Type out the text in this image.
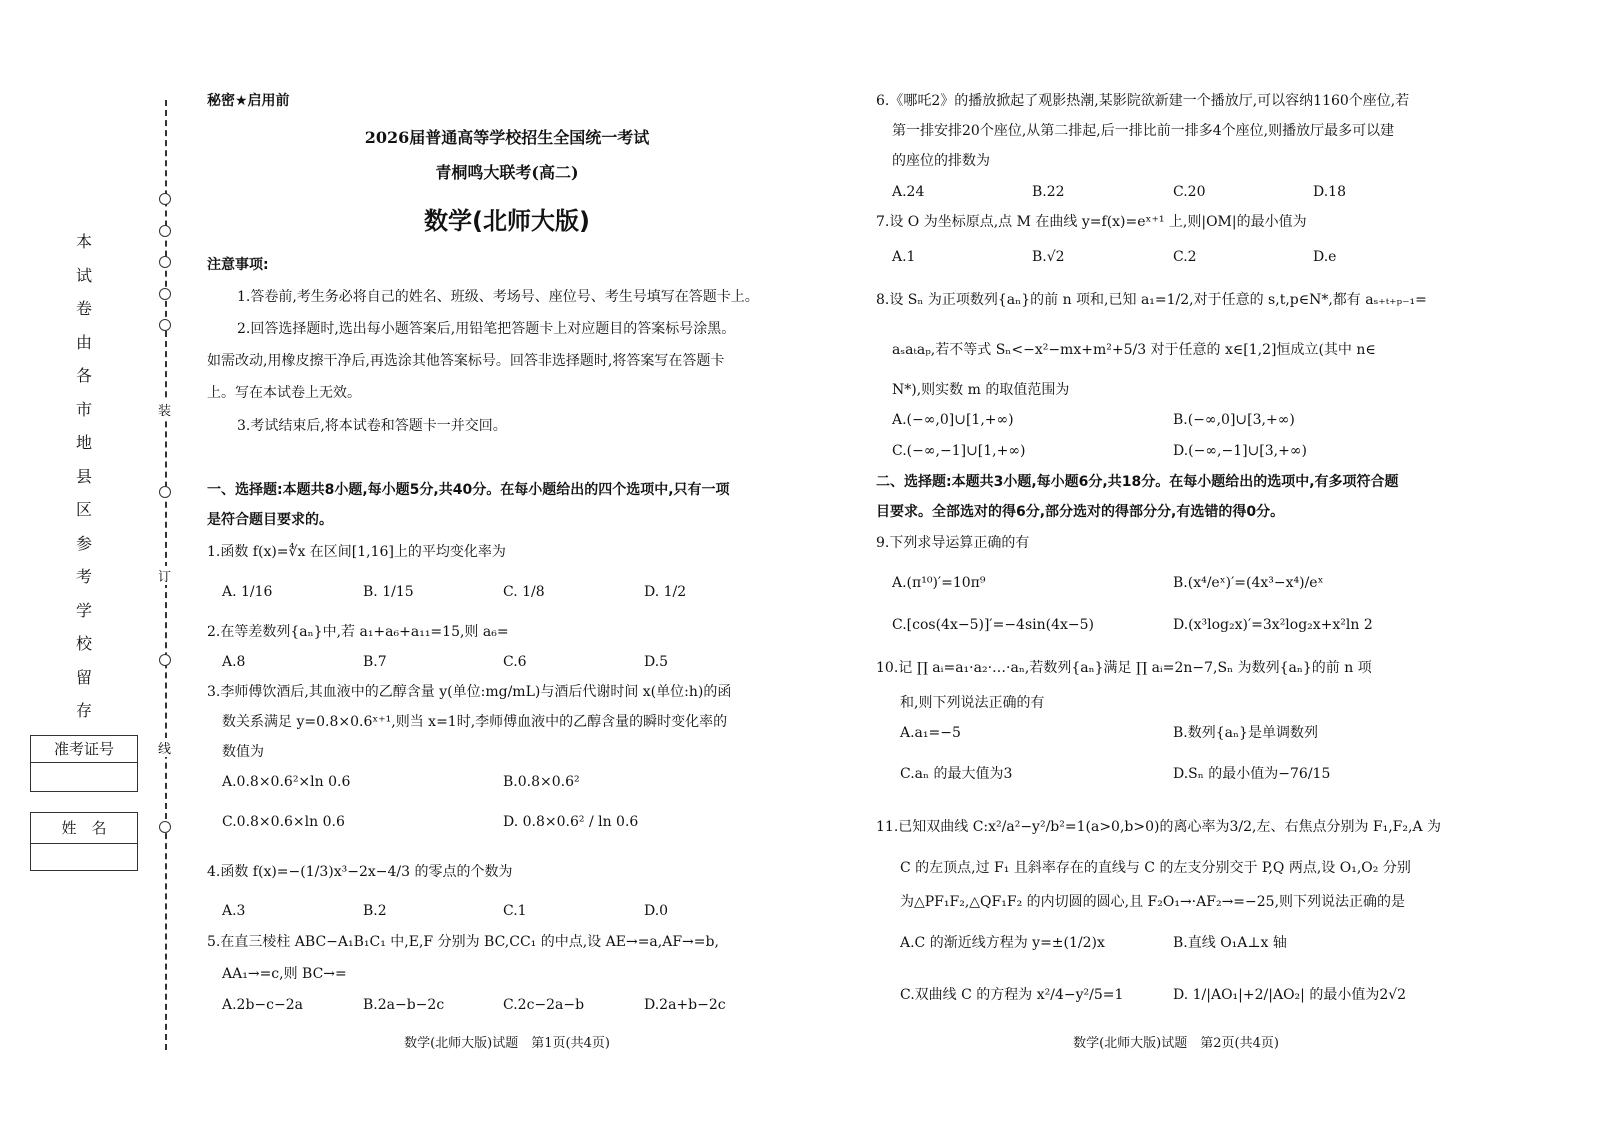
本
试
卷
由
各
市
地
县
区
参
考
学
校
留
存
准考证号
姓　名
装
订
线
秘密★启用前
2026届普通高等学校招生全国统一考试
青桐鸣大联考(高二)
数学(北师大版)
注意事项:
1.答卷前,考生务必将自己的姓名、班级、考场号、座位号、考生号填写在答题卡上。
2.回答选择题时,选出每小题答案后,用铅笔把答题卡上对应题目的答案标号涂黑。
如需改动,用橡皮擦干净后,再选涂其他答案标号。回答非选择题时,将答案写在答题卡
上。写在本试卷上无效。
3.考试结束后,将本试卷和答题卡一并交回。
一、选择题:本题共8小题,每小题5分,共40分。在每小题给出的四个选项中,只有一项
是符合题目要求的。
1.函数 f(x)=∜x 在区间[1,16]上的平均变化率为
A. 1/16	B. 1/15	C. 1/8	D. 1/2
2.在等差数列{aₙ}中,若 a₁+a₆+a₁₁=15,则 a₆=
A.8	B.7	C.6	D.5
3.李师傅饮酒后,其血液中的乙醇含量 y(单位:mg/mL)与酒后代谢时间 x(单位:h)的函
数关系满足 y=0.8×0.6ˣ⁺¹,则当 x=1时,李师傅血液中的乙醇含量的瞬时变化率的
数值为
A.0.8×0.6²×ln 0.6	B.0.8×0.6²
C.0.8×0.6×ln 0.6	D. 0.8×0.6² / ln 0.6
4.函数 f(x)=−(1/3)x³−2x−4/3 的零点的个数为
A.3	B.2	C.1	D.0
5.在直三棱柱 ABC−A₁B₁C₁ 中,E,F 分别为 BC,CC₁ 的中点,设 AE→=a,AF→=b,
AA₁→=c,则 BC→=
A.2b−c−2a	B.2a−b−2c	C.2c−2a−b	D.2a+b−2c
数学(北师大版)试题　第1页(共4页)
6.《哪吒2》的播放掀起了观影热潮,某影院欲新建一个播放厅,可以容纳1160个座位,若
第一排安排20个座位,从第二排起,后一排比前一排多4个座位,则播放厅最多可以建
的座位的排数为
A.24	B.22	C.20	D.18
7.设 O 为坐标原点,点 M 在曲线 y=f(x)=eˣ⁺¹ 上,则|OM|的最小值为
A.1	B.√2	C.2	D.e
8.设 Sₙ 为正项数列{aₙ}的前 n 项和,已知 a₁=1/2,对于任意的 s,t,p∈N*,都有 aₛ₊ₜ₊ₚ₋₁=
aₛaₜaₚ,若不等式 Sₙ<−x²−mx+m²+5/3 对于任意的 x∈[1,2]恒成立(其中 n∈
N*),则实数 m 的取值范围为
A.(−∞,0]∪[1,+∞)	B.(−∞,0]∪[3,+∞)
C.(−∞,−1]∪[1,+∞)	D.(−∞,−1]∪[3,+∞)
二、选择题:本题共3小题,每小题6分,共18分。在每小题给出的选项中,有多项符合题
目要求。全部选对的得6分,部分选对的得部分分,有选错的得0分。
9.下列求导运算正确的有
A.(π¹⁰)′=10π⁹	B.(x⁴/eˣ)′=(4x³−x⁴)/eˣ
C.[cos(4x−5)]′=−4sin(4x−5)	D.(x³log₂x)′=3x²log₂x+x²ln 2
10.记 ∏ aᵢ=a₁·a₂·…·aₙ,若数列{aₙ}满足 ∏ aᵢ=2n−7,Sₙ 为数列{aₙ}的前 n 项
和,则下列说法正确的有
A.a₁=−5	B.数列{aₙ}是单调数列
C.aₙ 的最大值为3	D.Sₙ 的最小值为−76/15
11.已知双曲线 C:x²/a²−y²/b²=1(a>0,b>0)的离心率为3/2,左、右焦点分别为 F₁,F₂,A 为
C 的左顶点,过 F₁ 且斜率存在的直线与 C 的左支分别交于 P,Q 两点,设 O₁,O₂ 分别
为△PF₁F₂,△QF₁F₂ 的内切圆的圆心,且 F₂O₁→·AF₂→=−25,则下列说法正确的是
A.C 的渐近线方程为 y=±(1/2)x	B.直线 O₁A⊥x 轴
C.双曲线 C 的方程为 x²/4−y²/5=1	D. 1/|AO₁|+2/|AO₂| 的最小值为2√2
数学(北师大版)试题　第2页(共4页)
